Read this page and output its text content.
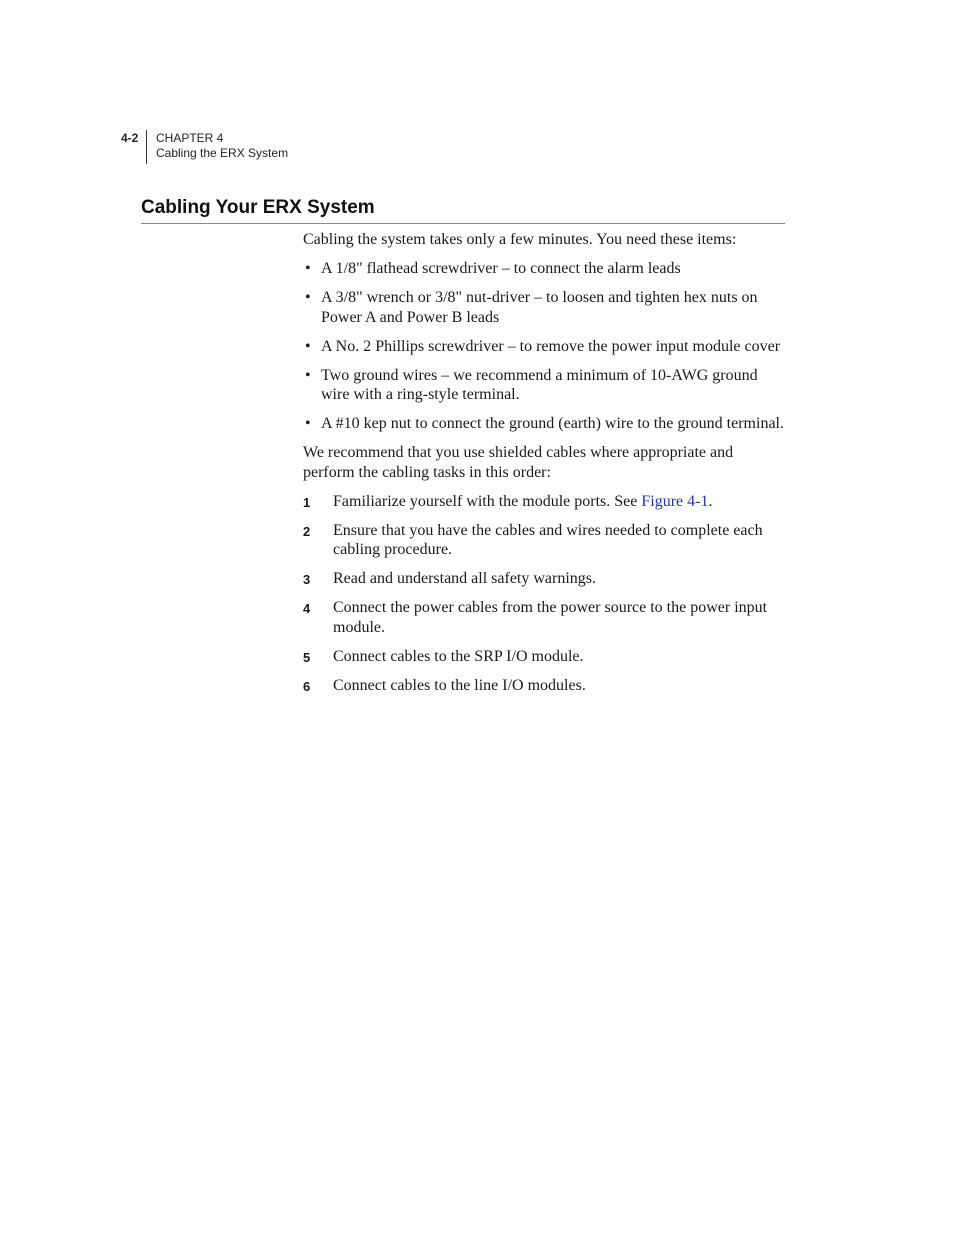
4-2 CHAPTER 4
Cabling the ERX System
Cabling Your ERX System

Cabling the system takes only a few minutes. You need these items:

• A 1/8" flathead screwdriver – to connect the alarm leads
• A 3/8" wrench or 3/8" nut-driver – to loosen and tighten hex nuts on Power A and Power B leads
• A No. 2 Phillips screwdriver – to remove the power input module cover
• Two ground wires – we recommend a minimum of 10-AWG ground wire with a ring-style terminal.
• A #10 kep nut to connect the ground (earth) wire to the ground terminal.

We recommend that you use shielded cables where appropriate and perform the cabling tasks in this order:

1 Familiarize yourself with the module ports. See Figure 4-1.
2 Ensure that you have the cables and wires needed to complete each cabling procedure.
3 Read and understand all safety warnings.
4 Connect the power cables from the power source to the power input module.
5 Connect cables to the SRP I/O module.
6 Connect cables to the line I/O modules.
